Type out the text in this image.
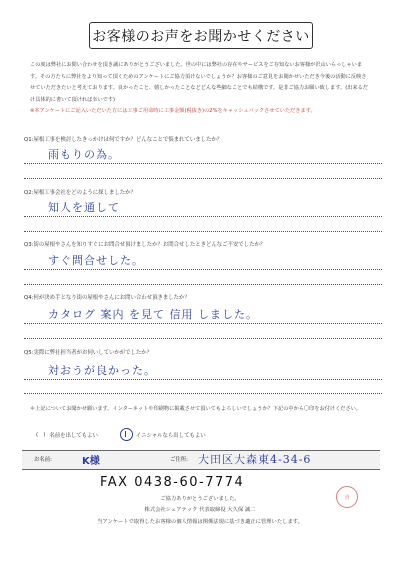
お客様のお声をお聞かせください
この度は弊社にお問い合わせを頂き誠にありがとうございました。世の中には弊社の存在やサービスをご存知ないお客様が沢山いらっしゃいます。その方たちに弊社をより知って頂くためのアンケートにご協力頂けないでしょうか？お客様のご意見をお聞かせいただき今後の活動に反映させていただきたいと考えております。良かったこと、嬉しかったことなどどんな些細なことでも結構です。是非ご協力お願い致します。(出来るだけ具体的に書いて頂ければ幸いです)
※本アンケートにご記入いただいた方には工事ご用命時に工事金額(税抜き)の2%をキャッシュバックさせていただきます。
Q1:屋根工事を検討したきっかけは何ですか？どんなことで悩まれていましたか？
雨もりの為。
Q2:屋根工事会社をどのように探しましたか？
知人を通して
Q3:街の屋根やさんを知りすぐにお問合せ頂けましたか？お問合せしたときどんなご不安でしたか？
すぐ問合せした。
Q4:何が決め手となり街の屋根やさんにお問い合わせ頂きましたか？
カタログ 案内 を見て 信用 しました。
Q5:実際に弊社担当者がお伺いしていかがでしたか？
対おうが良かった。
＊上記についてお聞かせ願います。インターネットや印刷物に掲載させて頂いてもよろしいでしょうか？下記の中から〇印をお付けください。
( ) 名前を出してもよい	イニシャルなら出してもよい
お名前:	K様	ご住所: 大田区大森東4-34-6
FAX 0438-60-7774
ご協力ありがとうございました。
株式会社シェアテック 代表取締役 大久保 誠二
当アンケートで取得したお客様の個人情報は関係法規に基づき適正に管理いたします。
済
